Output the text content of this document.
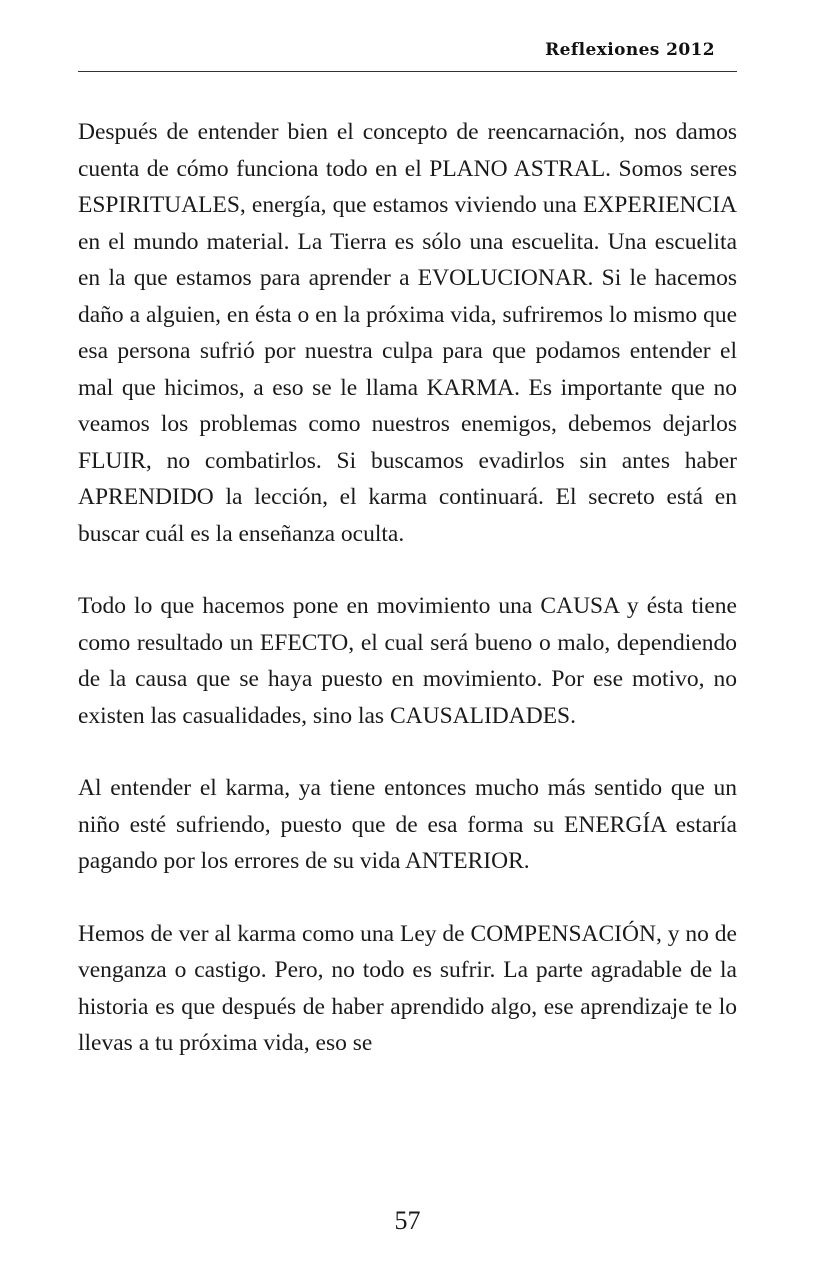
Reflexiones 2012

Después de entender bien el concepto de reencarnación, nos damos cuenta de cómo funciona todo en el PLANO ASTRAL. Somos seres ESPIRITUALES, energía, que estamos viviendo una EXPERIENCIA en el mundo material. La Tierra es sólo una escuelita. Una escuelita en la que estamos para aprender a EVOLUCIONAR. Si le hacemos daño a alguien, en ésta o en la próxima vida, sufriremos lo mismo que esa persona sufrió por nuestra culpa para que podamos entender el mal que hicimos, a eso se le llama KARMA. Es importante que no veamos los problemas como nuestros enemigos, debemos dejarlos FLUIR, no combatirlos. Si buscamos evadirlos sin antes haber APRENDIDO la lección, el karma continuará. El secreto está en buscar cuál es la enseñanza oculta.

Todo lo que hacemos pone en movimiento una CAUSA y ésta tiene como resultado un EFECTO, el cual será bueno o malo, dependiendo de la causa que se haya puesto en movimiento. Por ese motivo, no existen las casualidades, sino las CAUSALIDADES.

Al entender el karma, ya tiene entonces mucho más sentido que un niño esté sufriendo, puesto que de esa forma su ENERGÍA estaría pagando por los errores de su vida ANTERIOR.

Hemos de ver al karma como una Ley de COMPENSACIÓN, y no de venganza o castigo. Pero, no todo es sufrir. La parte agradable de la historia es que después de haber aprendido algo, ese aprendizaje te lo llevas a tu próxima vida, eso se

57
